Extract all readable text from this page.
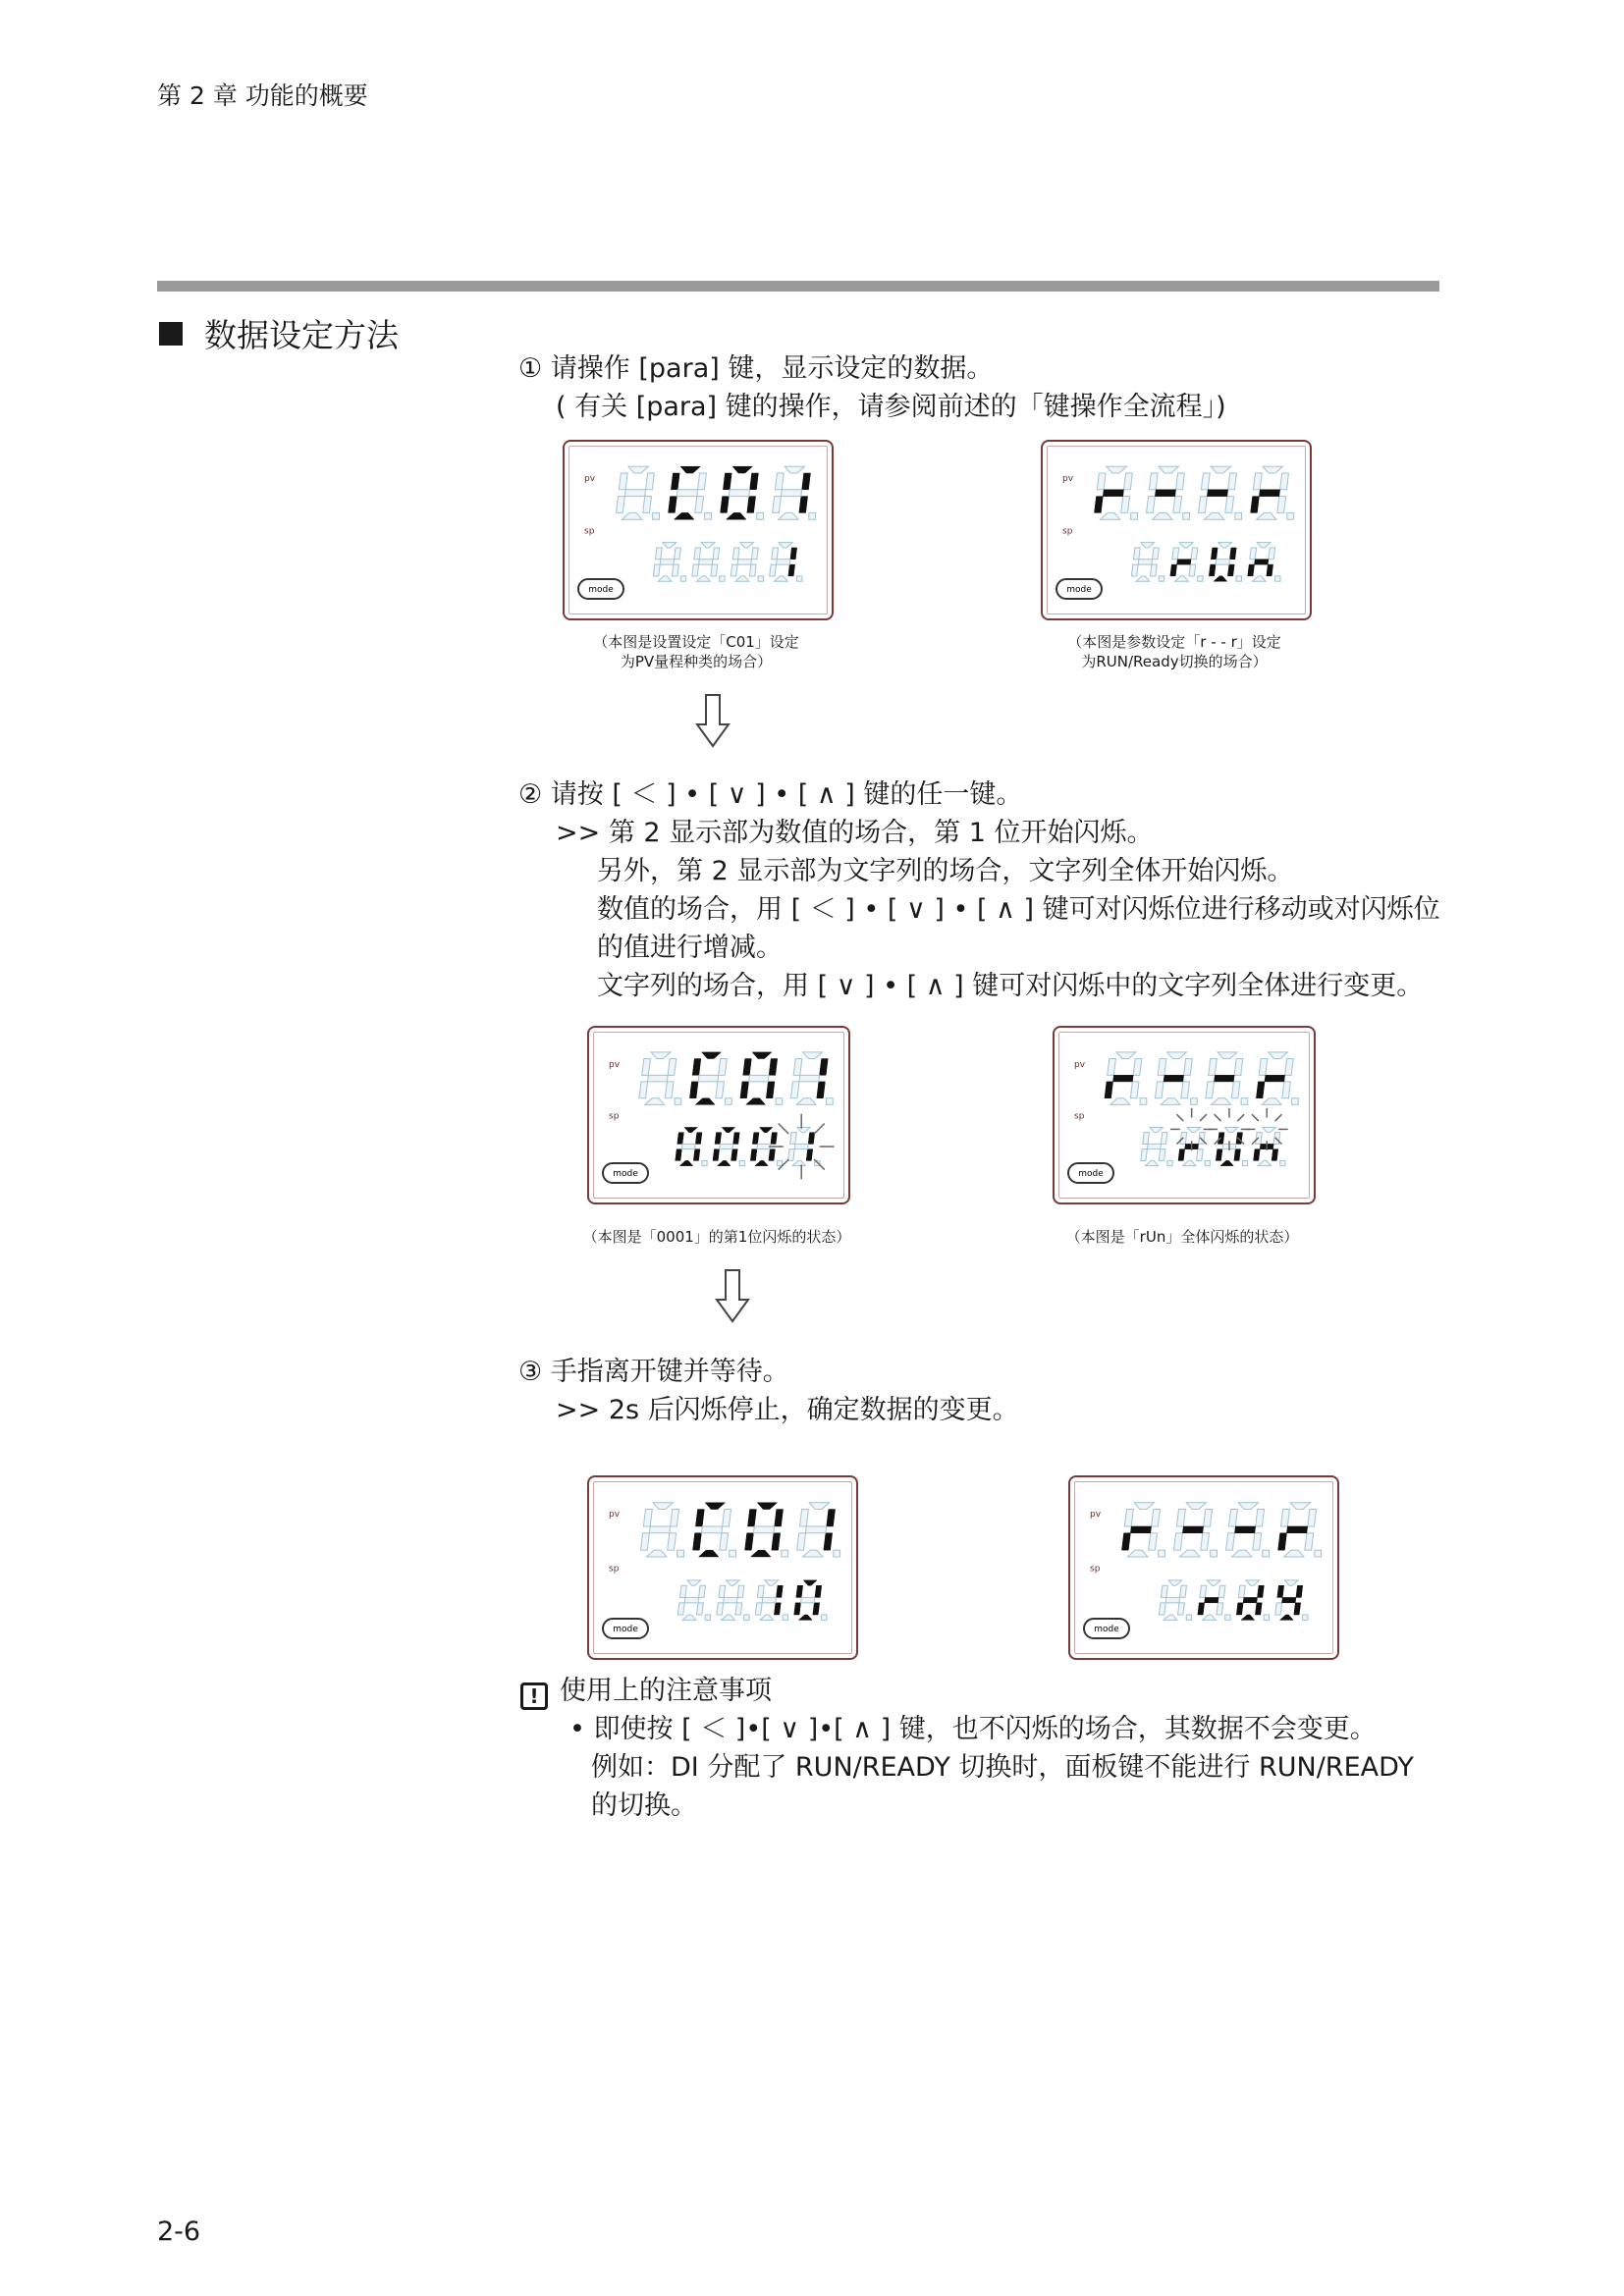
第 2 章 功能的概要
数据设定方法
① 请操作 [para] 键，显示设定的数据。
( 有关 [para] 键的操作，请参阅前述的「键操作全流程」)
pv
sp
mode
pv
sp
mode
（本图是设置设定「C01」设定
为PV量程种类的场合）
（本图是参数设定「r - - r」设定
为RUN/Ready切换的场合）
② 请按 [ ＜ ] • [ ∨ ] • [ ∧ ] 键的任一键。
>> 第 2 显示部为数值的场合，第 1 位开始闪烁。
另外，第 2 显示部为文字列的场合，文字列全体开始闪烁。
数值的场合，用 [ ＜ ] • [ ∨ ] • [ ∧ ] 键可对闪烁位进行移动或对闪烁位
的值进行增减。
文字列的场合，用 [ ∨ ] • [ ∧ ] 键可对闪烁中的文字列全体进行变更。
pv
sp
mode
pv
sp
mode
（本图是「0001」的第1位闪烁的状态）	（本图是「rUn」全体闪烁的状态）
③ 手指离开键并等待。
>> 2s 后闪烁停止，确定数据的变更。
pv
sp
mode
pv
sp
mode
! 使用上的注意事项
• 即使按 [ ＜ ]•[ ∨ ]•[ ∧ ] 键，也不闪烁的场合，其数据不会变更。
例如：DI 分配了 RUN/READY 切换时，面板键不能进行 RUN/READY
的切换。
2-6
